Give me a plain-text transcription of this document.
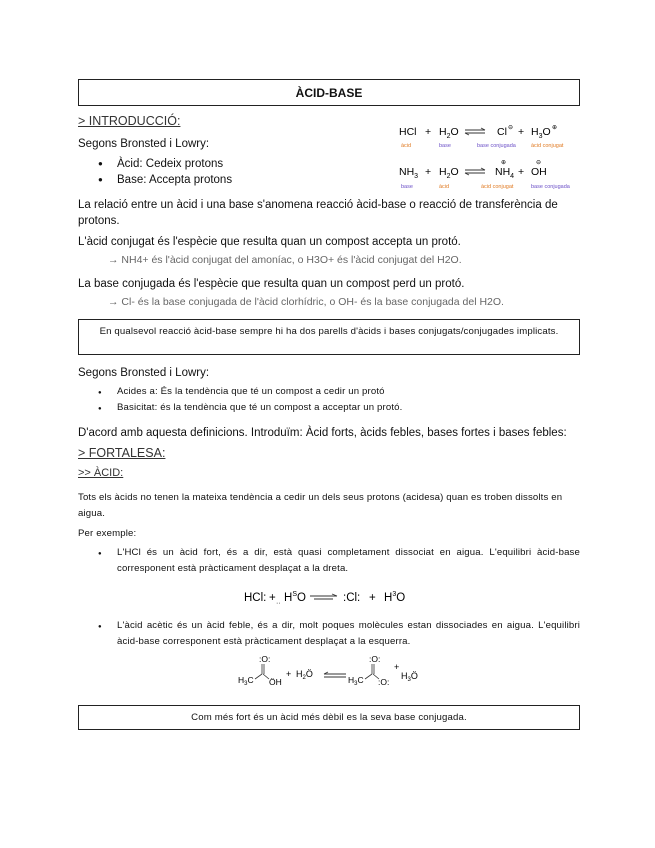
ÀCID-BASE
> INTRODUCCIÓ:
Segons Bronsted i Lowry:
● Àcid: Cedeix protons
● Base: Accepta protons
HCl + $H_2O$	Cl ⊖ + $H_3O$ ⊕
àcid	base	base conjugada	àcid conjugat
$NH_3 + H_2O$	$NH_4$
⊕
+ OH
⊖
base	àcid	àcid conjugat	base conjugada
La relació entre un àcid i una base s'anomena reacció àcid-base o reacció de transferència de protons.
L'àcid conjugat és l'espècie que resulta quan un compost accepta un protó.
→ NH4+ és l'àcid conjugat del amoníac, o H3O+ és l'àcid conjugat del H2O.
La base conjugada és l'espècie que resulta quan un compost perd un protó.
→ Cl- és la base conjugada de l'àcid clorhídric, o OH- és la base conjugada del H2O.
En qualsevol reacció àcid-base sempre hi ha dos parells d'àcids i bases conjugats/conjugades implicats.
Segons Bronsted i Lowry:
● Acides a: És la tendència que té un compost a cedir un protó
● Basicitat: és la tendència que té un compost a acceptar un protó.
D'acord amb aquesta definicions. Introduïm: Àcid forts, àcids febles, bases fortes i bases febles:
> FORTALESA:
>> ÀCID:
Tots els àcids no tenen la mateixa tendència a cedir un dels seus protons (acidesa) quan es troben dissolts en aigua.
Per exemple:
● L'HCl és un àcid fort, és a dir, està quasi completament dissociat en aigua. L'equilibri àcid-base corresponent està pràcticament desplaçat a la dreta.
HCl: + $H^SO$	:Cl: + $H^3O$
··
● L'àcid acètic és un àcid feble, és a dir, molt poques molècules estan dissociades en aigua. L'equilibri àcid-base corresponent està pràcticament desplaçat a la esquerra.
$H_3C$
:O:
ÖH
+ $H_2Ö$
$H_3C$
:O:
:O:
+
$H_3Ö$
Com més fort és un àcid més dèbil es la seva base conjugada.
